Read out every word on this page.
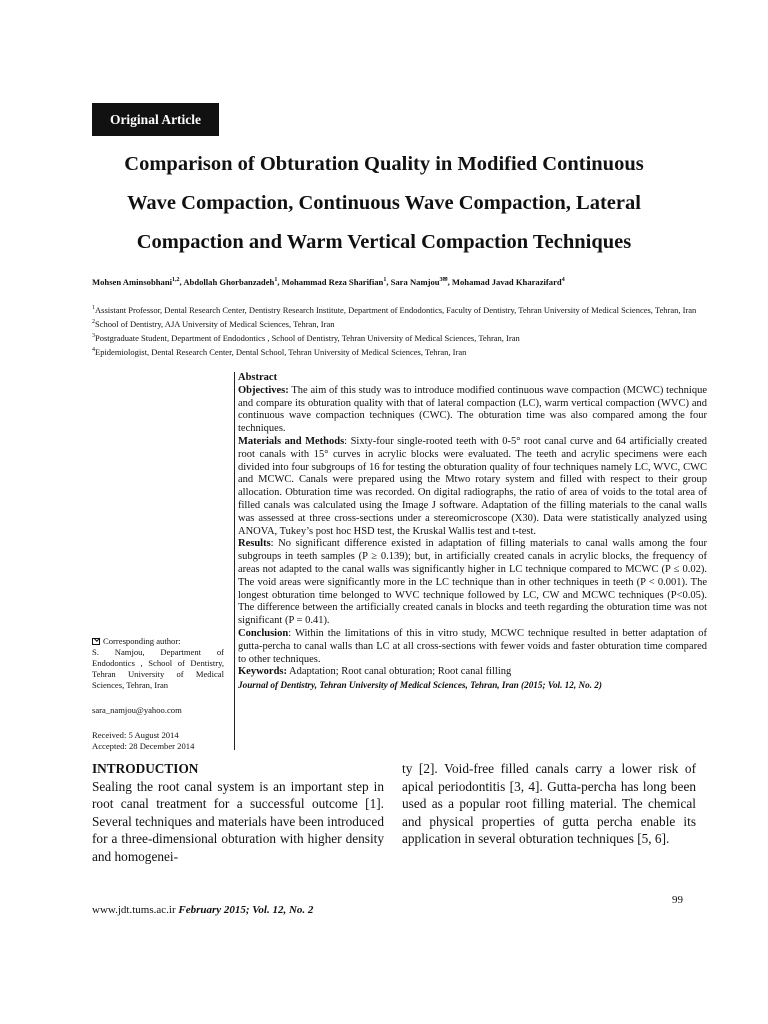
Original Article
Comparison of Obturation Quality in Modified Continuous
Wave Compaction, Continuous Wave Compaction, Lateral
Compaction and Warm Vertical Compaction Techniques
Mohsen Aminsobhani$^{1,2}$, Abdollah Ghorbanzadeh$^1$, Mohammad Reza Sharifian$^1$, Sara Namjou$^{3✉}$, Mohamad Javad Kharazifard$^4$
$^1$Assistant Professor, Dental Research Center, Dentistry Research Institute, Department of Endodontics, Faculty of Dentistry, Tehran University of Medical Sciences, Tehran, Iran
$^2$School of Dentistry, AJA University of Medical Sciences, Tehran, Iran
$^3$Postgraduate Student, Department of Endodontics , School of Dentistry, Tehran University of Medical Sciences, Tehran, Iran
$^4$Epidemiologist, Dental Research Center, Dental School, Tehran University of Medical Sciences, Tehran, Iran

Abstract

Objectives: The aim of this study was to introduce modified continuous wave compaction (MCWC) technique and compare its obturation quality with that of lateral compaction (LC), warm vertical compaction (WVC) and continuous wave compaction techniques (CWC). The obturation time was also compared among the four techniques.

Materials and Methods: Sixty-four single-rooted teeth with 0-5° root canal curve and 64 artificially created root canals with 15° curves in acrylic blocks were evaluated. The teeth and acrylic specimens were each divided into four subgroups of 16 for testing the obturation quality of four techniques namely LC, WVC, CWC and MCWC. Canals were prepared using the Mtwo rotary system and filled with respect to their group allocation. Obturation time was recorded. On digital radiographs, the ratio of area of voids to the total area of filled canals was calculated using the Image J software. Adaptation of the filling materials to the canal walls was assessed at three cross-sections under a stereomicroscope (X30). Data were statistically analyzed using ANOVA, Tukey’s post hoc HSD test, the Kruskal Wallis test and t-test.

Results: No significant difference existed in adaptation of filling materials to canal walls among the four subgroups in teeth samples (P ≥ 0.139); but, in artificially created canals in acrylic blocks, the frequency of areas not adapted to the canal walls was significantly higher in LC technique compared to MCWC (P ≤ 0.02). The void areas were significantly more in the LC technique than in other techniques in teeth (P < 0.001). The longest obturation time belonged to WVC technique followed by LC, CW and MCWC techniques (P<0.05). The difference between the artificially created canals in blocks and teeth regarding the obturation time was not significant (P = 0.41).

Conclusion: Within the limitations of this in vitro study, MCWC technique resulted in better adaptation of gutta-percha to canal walls than LC at all cross-sections with fewer voids and faster obturation time compared to other techniques.

Keywords: Adaptation; Root canal obturation; Root canal filling

Journal of Dentistry, Tehran University of Medical Sciences, Tehran, Iran (2015; Vol. 12, No. 2)

Corresponding author:
S. Namjou, Department of Endodontics , School of Dentistry, Tehran University of Medical Sciences, Tehran, Iran
sara_namjou@yahoo.com
Received: 5 August 2014
Accepted: 28 December 2014
INTRODUCTION
Sealing the root canal system is an important step in root canal treatment for a successful outcome [1]. Several techniques and materials have been introduced for a three-dimensional obturation with higher density and homogenei-
ty [2]. Void-free filled canals carry a lower risk of apical periodontitis [3, 4]. Gutta-percha has long been used as a popular root filling material. The chemical and physical properties of gutta percha enable its application in several obturation techniques [5, 6].
99
www.jdt.tums.ac.ir February 2015; Vol. 12, No. 2
